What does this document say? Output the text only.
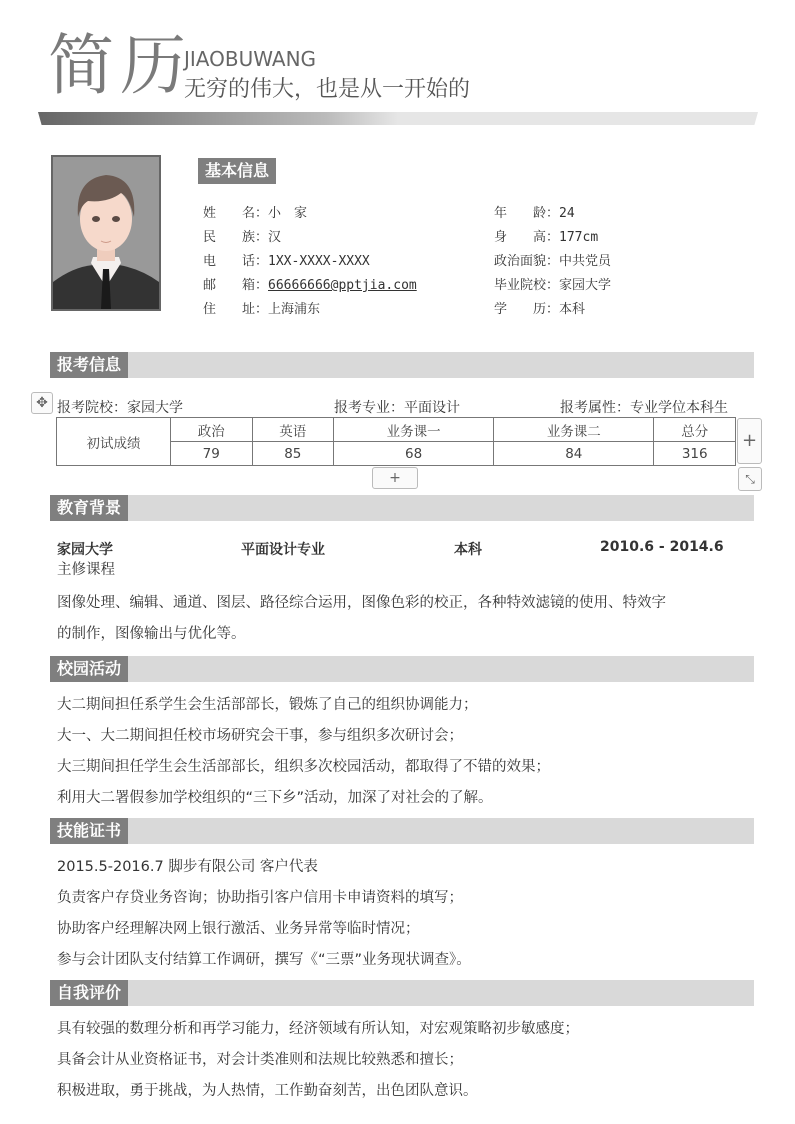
简历
JIAOBUWANG
无穷的伟大，也是从一开始的
基本信息
姓　　名：小　家
民　　族：汉
电　　话：1XX-XXXX-XXXX
邮　　箱：66666666@pptjia.com
住　　址：上海浦东
年　　龄：24
身　　高：177cm
政治面貌：中共党员
毕业院校：家园大学
学　　历：本科
报考信息
✥ 报考院校：家园大学	报考专业：平面设计	报考属性：专业学位本科生
初试成绩	政治	英语	业务课一	业务课二	总分
	79	85	68	84	316
+
+	⤡
教育背景
家园大学	平面设计专业	本科	2010.6 - 2014.6
主修课程
图像处理、编辑、通道、图层、路径综合运用，图像色彩的校正，各种特效滤镜的使用、特效字
的制作，图像输出与优化等。
校园活动
大二期间担任系学生会生活部部长，锻炼了自己的组织协调能力；
大一、大二期间担任校市场研究会干事，参与组织多次研讨会；
大三期间担任学生会生活部部长，组织多次校园活动，都取得了不错的效果；
利用大二署假参加学校组织的“三下乡”活动，加深了对社会的了解。
技能证书
2015.5-2016.7 脚步有限公司 客户代表
负责客户存贷业务咨询；协助指引客户信用卡申请资料的填写；
协助客户经理解决网上银行激活、业务异常等临时情况；
参与会计团队支付结算工作调研，撰写《“三票”业务现状调查》。
自我评价
具有较强的数理分析和再学习能力，经济领域有所认知，对宏观策略初步敏感度；
具备会计从业资格证书，对会计类准则和法规比较熟悉和擅长；
积极进取，勇于挑战，为人热情，工作勤奋刻苦，出色团队意识。
